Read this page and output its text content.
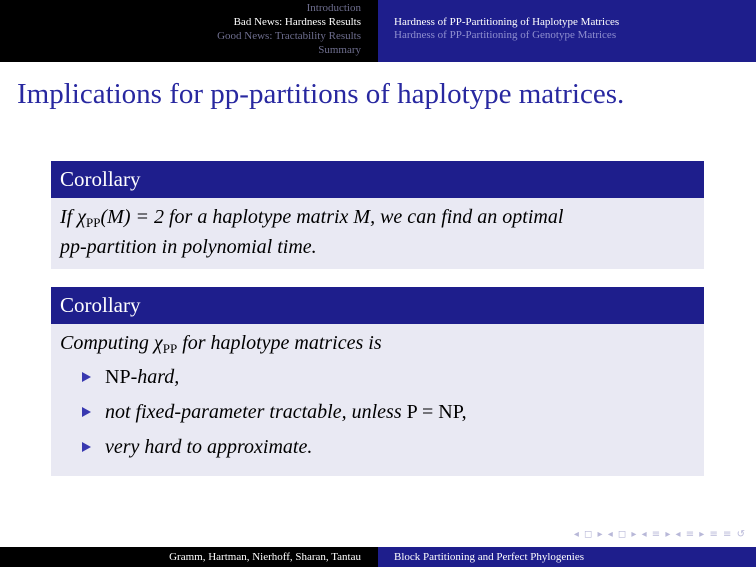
Introduction
Bad News: Hardness Results
Good News: Tractability Results
Summary
Hardness of PP-Partitioning of Haplotype Matrices
Hardness of PP-Partitioning of Genotype Matrices
Implications for pp-partitions of haplotype matrices.
Corollary
If $\chi_{PP}(M) = 2$ for a haplotype matrix M, we can find an optimal
pp-partition in polynomial time.
Corollary
Computing $\chi_{PP}$ for haplotype matrices is
NP-hard,
not fixed-parameter tractable, unless P = NP,
very hard to approximate.
◂ ◻ ▸ ◂ ◻ ▸ ◂ ≡ ▸ ◂ ≡ ▸ ≡ ≡ ↺
Gramm, Hartman, Nierhoff, Sharan, Tantau	Block Partitioning and Perfect Phylogenies
